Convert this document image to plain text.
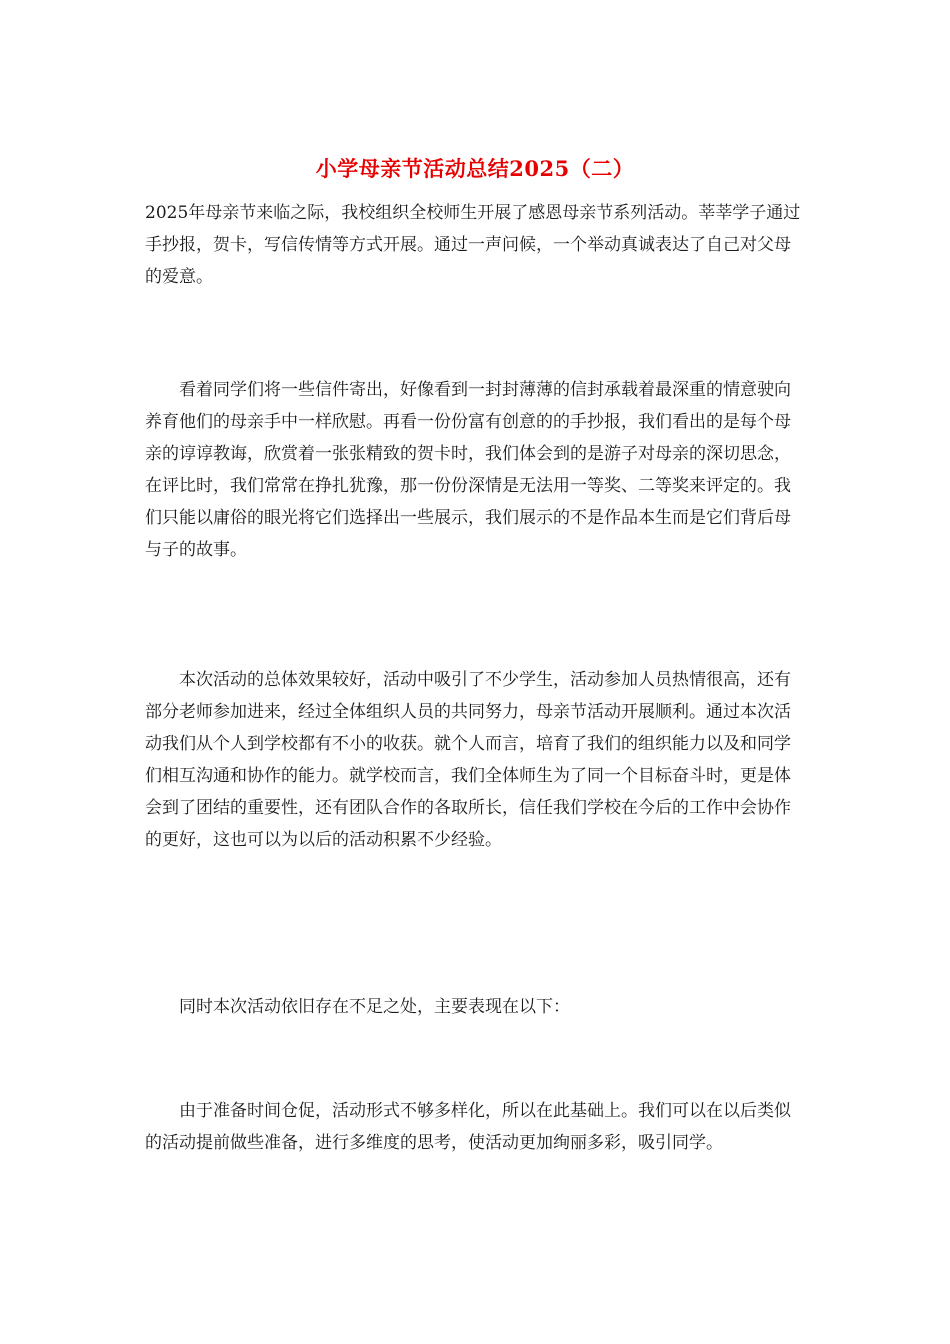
小学母亲节活动总结2025（二）

2025年母亲节来临之际，我校组织全校师生开展了感恩母亲节系列活动。莘莘学子通过手抄报，贺卡，写信传情等方式开展。通过一声问候，一个举动真诚表达了自己对父母的爱意。

看着同学们将一些信件寄出，好像看到一封封薄薄的信封承载着最深重的情意驶向养育他们的母亲手中一样欣慰。再看一份份富有创意的的手抄报，我们看出的是每个母亲的谆谆教诲，欣赏着一张张精致的贺卡时，我们体会到的是游子对母亲的深切思念，在评比时，我们常常在挣扎犹豫，那一份份深情是无法用一等奖、二等奖来评定的。我们只能以庸俗的眼光将它们选择出一些展示，我们展示的不是作品本生而是它们背后母与子的故事。

本次活动的总体效果较好，活动中吸引了不少学生，活动参加人员热情很高，还有部分老师参加进来，经过全体组织人员的共同努力，母亲节活动开展顺利。通过本次活动我们从个人到学校都有不小的收获。就个人而言，培育了我们的组织能力以及和同学们相互沟通和协作的能力。就学校而言，我们全体师生为了同一个目标奋斗时，更是体会到了团结的重要性，还有团队合作的各取所长，信任我们学校在今后的工作中会协作的更好，这也可以为以后的活动积累不少经验。

同时本次活动依旧存在不足之处，主要表现在以下：

由于准备时间仓促，活动形式不够多样化，所以在此基础上。我们可以在以后类似的活动提前做些准备，进行多维度的思考，使活动更加绚丽多彩，吸引同学。
